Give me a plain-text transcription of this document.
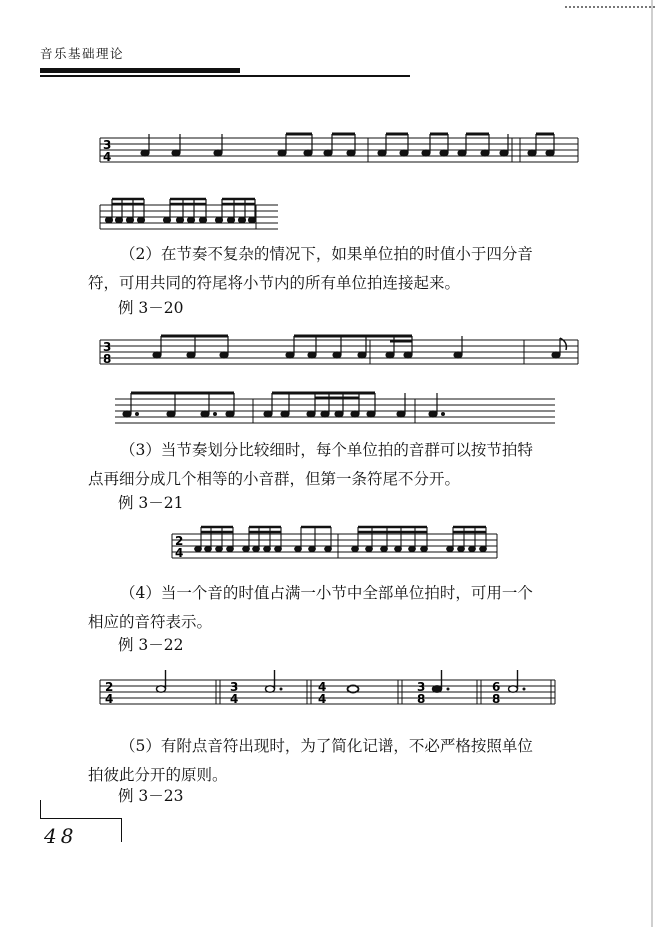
音乐基础理论
3
4

（2）在节奏不复杂的情况下，如果单位拍的时值小于四分音

符，可用共同的符尾将小节内的所有单位拍连接起来。

例 3－20
3
8

（3）当节奏划分比较细时，每个单位拍的音群可以按节拍特

点再细分成几个相等的小音群，但第一条符尾不分开。

例 3－21
2
4

（4）当一个音的时值占满一小节中全部单位拍时，可用一个

相应的音符表示。

例 3－22
2
4
3
4
4
4
3
8
6
8

（5）有附点音符出现时，为了简化记谱，不必严格按照单位

拍彼此分开的原则。

例 3－23
48
